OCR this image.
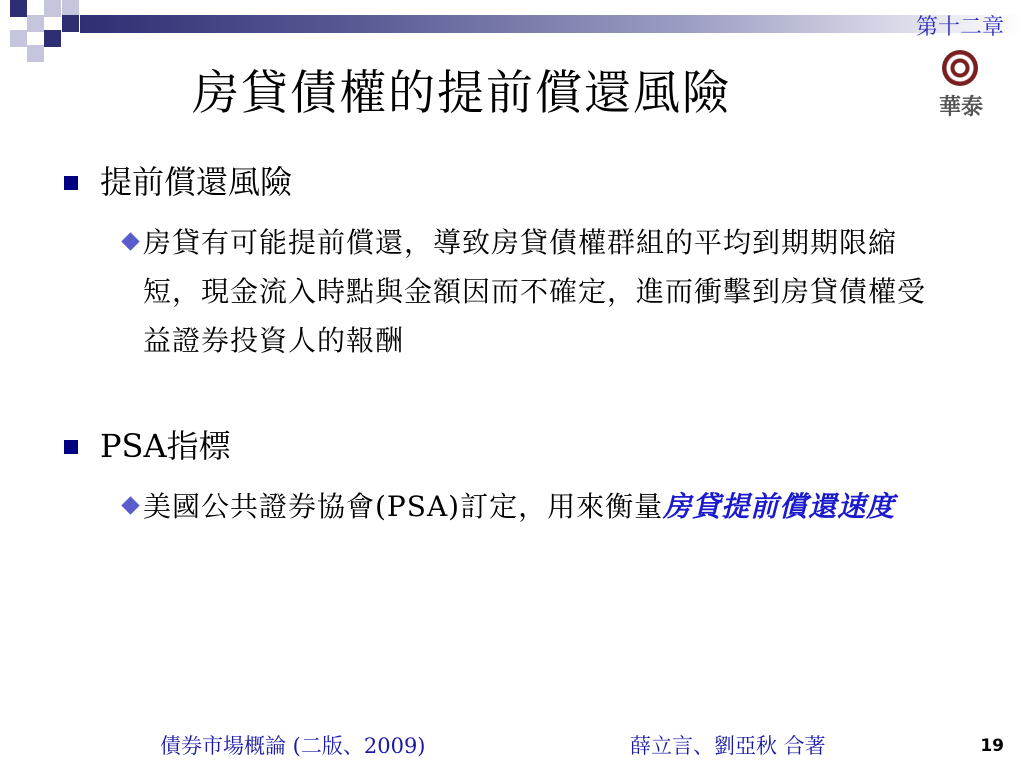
第十二章
房貸債權的提前償還風險	華泰
提前償還風險
房貸有可能提前償還，導致房貸債權群組的平均到期期限縮短，現金流入時點與金額因而不確定，進而衝擊到房貸債權受益證券投資人的報酬
PSA指標
美國公共證券協會(PSA)訂定，用來衡量房貸提前償還速度
債券市場概論 (二版、2009)	薛立言、劉亞秋 合著	19
